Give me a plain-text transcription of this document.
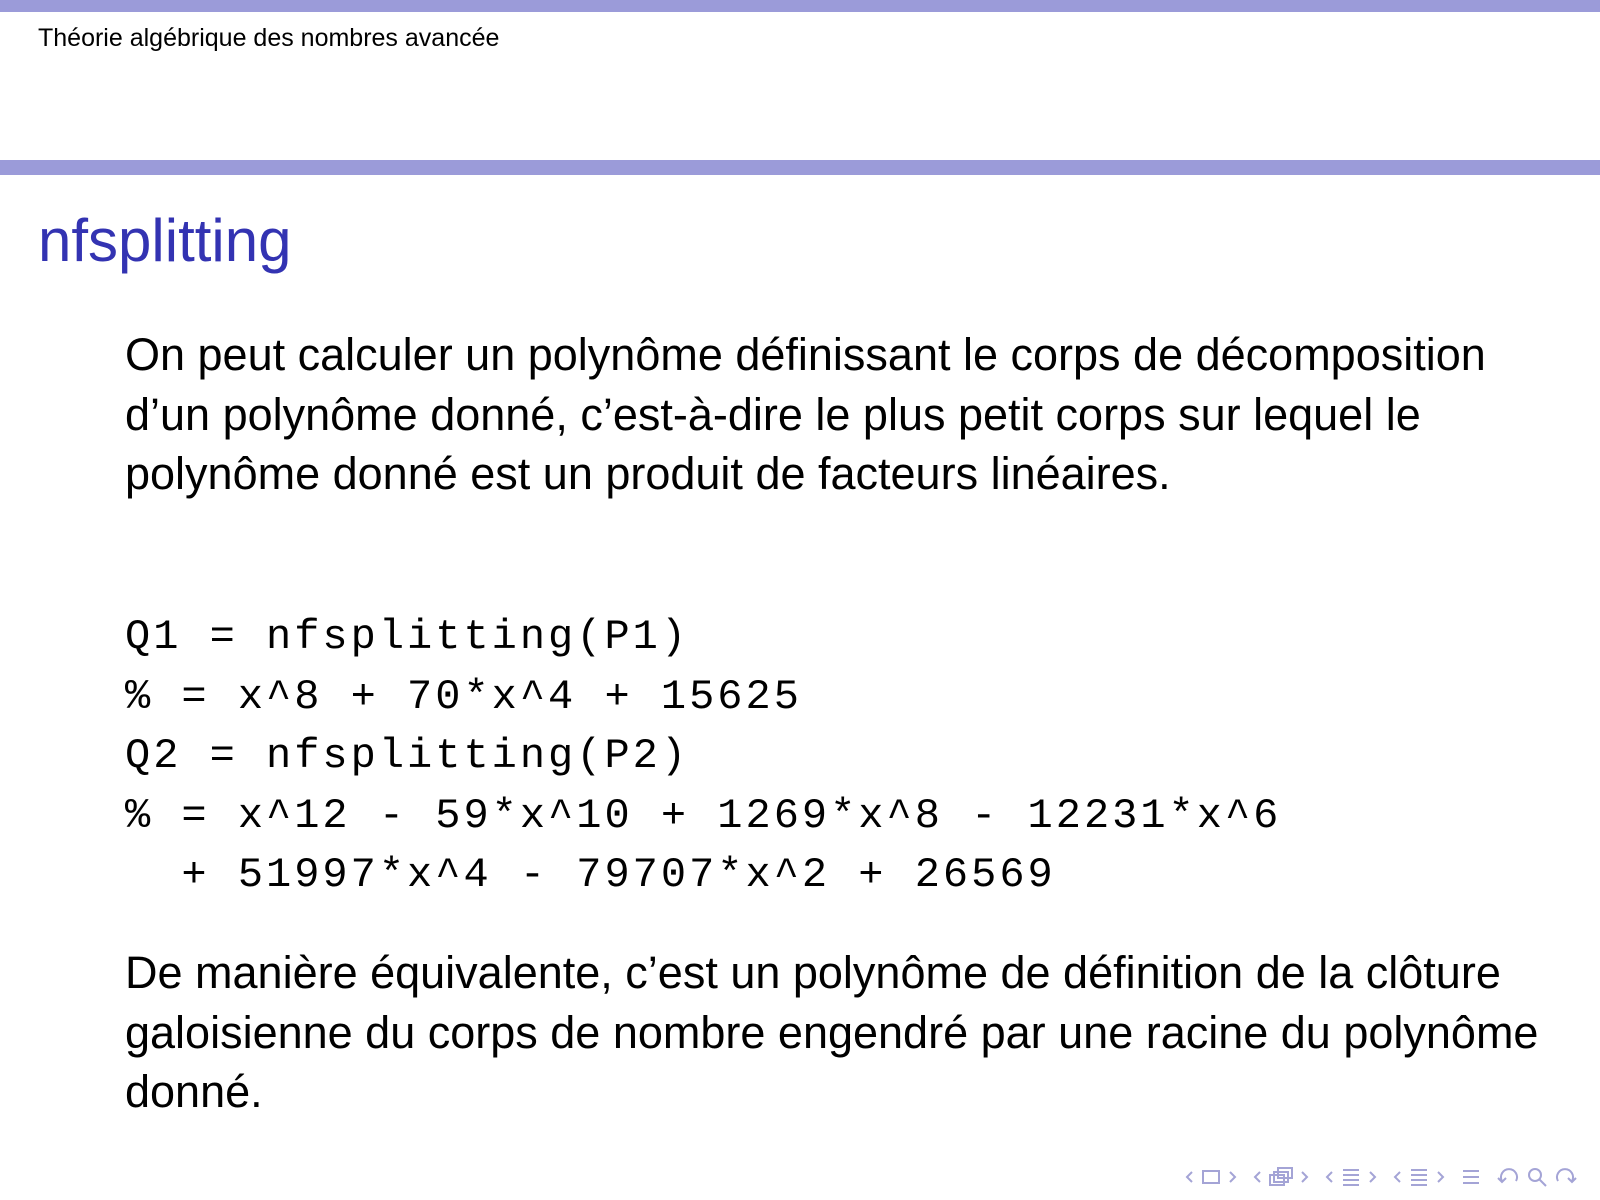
Théorie algébrique des nombres avancée
nfsplitting

On peut calculer un polynôme définissant le corps de décomposition d’un polynôme donné, c’est-à-dire le plus petit corps sur lequel le polynôme donné est un produit de facteurs linéaires.

Q1 = nfsplitting(P1)
% = x^8 + 70*x^4 + 15625
Q2 = nfsplitting(P2)
% = x^12 - 59*x^10 + 1269*x^8 - 12231*x^6
+ 51997*x^4 - 79707*x^2 + 26569

De manière équivalente, c’est un polynôme de définition de la clôture galoisienne du corps de nombre engendré par une racine du polynôme donné.
